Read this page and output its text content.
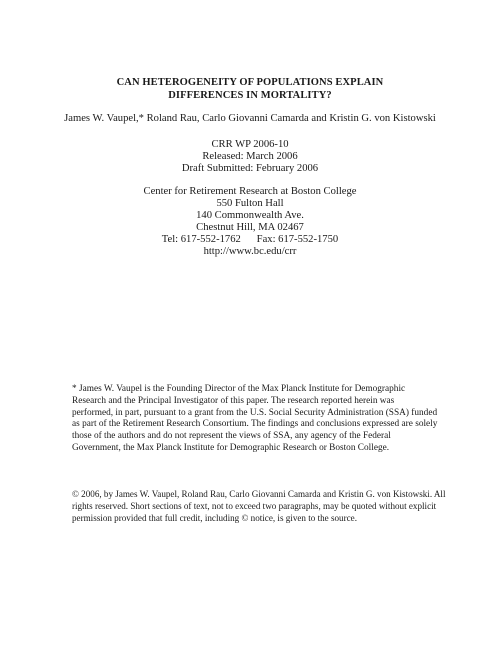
CAN HETEROGENEITY OF POPULATIONS EXPLAIN
DIFFERENCES IN MORTALITY?
James W. Vaupel,* Roland Rau, Carlo Giovanni Camarda and Kristin G. von Kistowski
CRR WP 2006-10
Released: March 2006
Draft Submitted: February 2006
Center for Retirement Research at Boston College
550 Fulton Hall
140 Commonwealth Ave.
Chestnut Hill, MA 02467
Tel: 617-552-1762      Fax: 617-552-1750
http://www.bc.edu/crr
* James W. Vaupel is the Founding Director of the Max Planck Institute for Demographic
Research and the Principal Investigator of this paper. The research reported herein was
performed, in part, pursuant to a grant from the U.S. Social Security Administration (SSA) funded
as part of the Retirement Research Consortium. The findings and conclusions expressed are solely
those of the authors and do not represent the views of SSA, any agency of the Federal
Government, the Max Planck Institute for Demographic Research or Boston College.
© 2006, by James W. Vaupel, Roland Rau, Carlo Giovanni Camarda and Kristin G. von Kistowski. All
rights reserved. Short sections of text, not to exceed two paragraphs, may be quoted without explicit
permission provided that full credit, including © notice, is given to the source.
